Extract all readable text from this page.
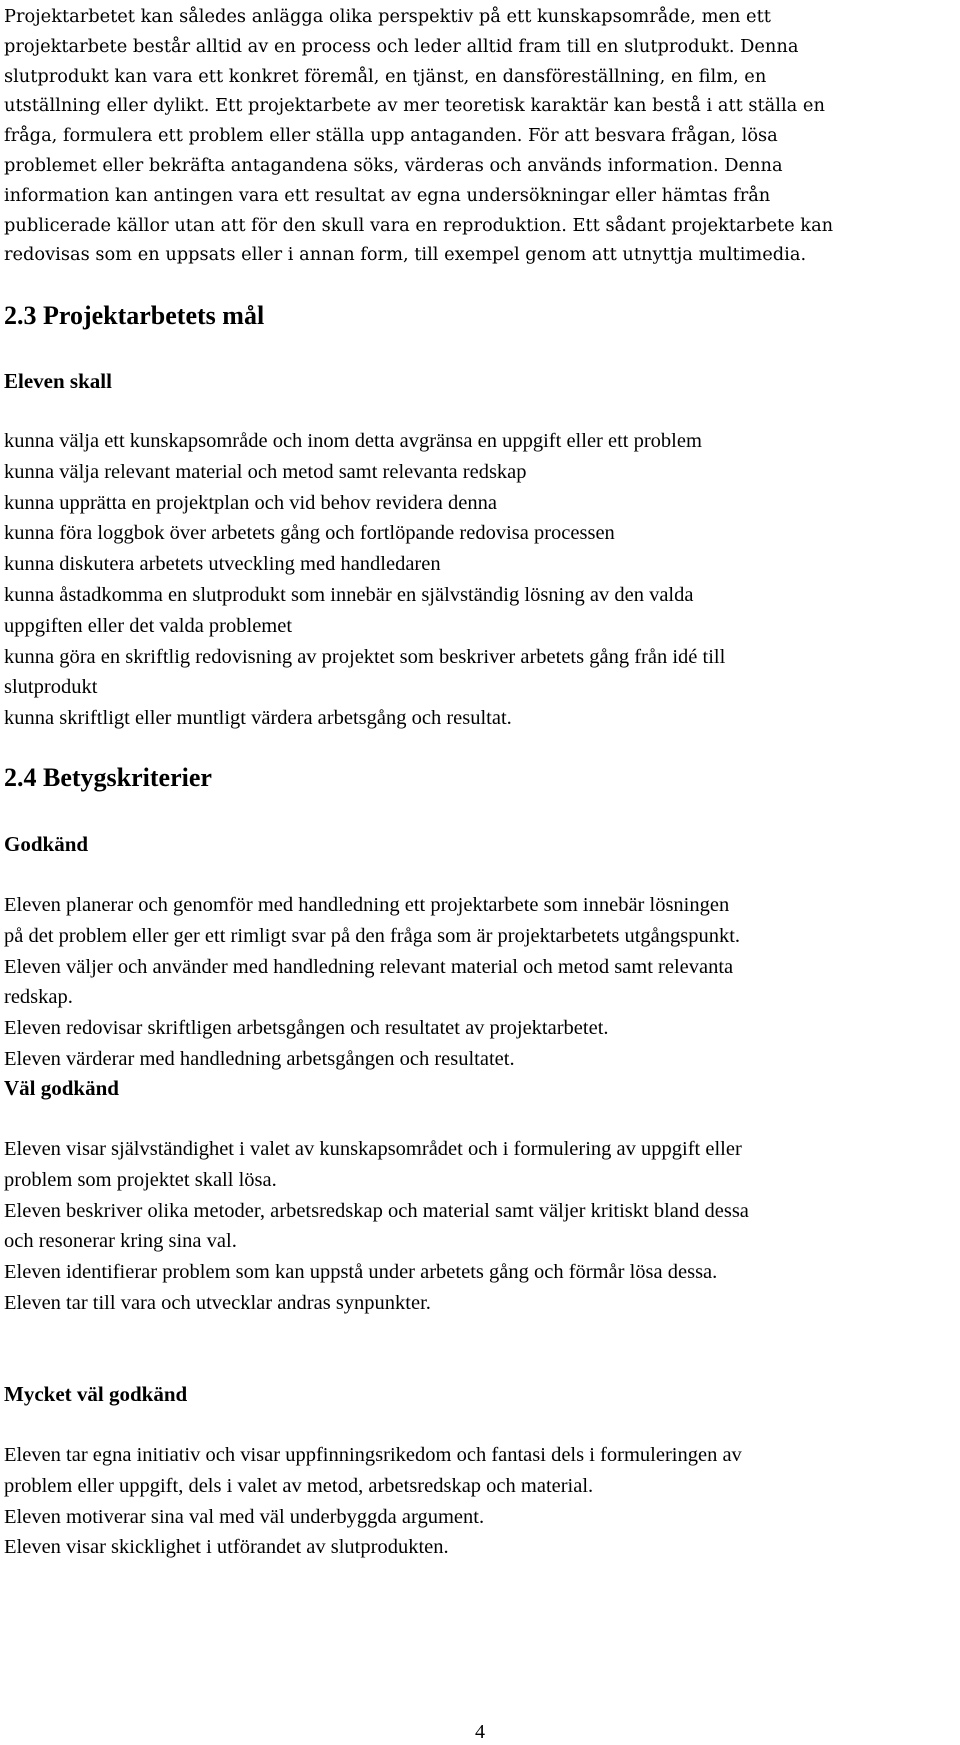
Projektarbetet kan således anlägga olika perspektiv på ett kunskapsområde, men ett
projektarbete består alltid av en process och leder alltid fram till en slutprodukt. Denna
slutprodukt kan vara ett konkret föremål, en tjänst, en dansföreställning, en film, en
utställning eller dylikt. Ett projektarbete av mer teoretisk karaktär kan bestå i att ställa en
fråga, formulera ett problem eller ställa upp antaganden. För att besvara frågan, lösa
problemet eller bekräfta antagandena söks, värderas och används information. Denna
information kan antingen vara ett resultat av egna undersökningar eller hämtas från
publicerade källor utan att för den skull vara en reproduktion. Ett sådant projektarbete kan
redovisas som en uppsats eller i annan form, till exempel genom att utnyttja multimedia.

2.3 Projektarbetets mål
Eleven skall
kunna välja ett kunskapsområde och inom detta avgränsa en uppgift eller ett problem
kunna välja relevant material och metod samt relevanta redskap
kunna upprätta en projektplan och vid behov revidera denna
kunna föra loggbok över arbetets gång och fortlöpande redovisa processen
kunna diskutera arbetets utveckling med handledaren
kunna åstadkomma en slutprodukt som innebär en självständig lösning av den valda
uppgiften eller det valda problemet
kunna göra en skriftlig redovisning av projektet som beskriver arbetets gång från idé till
slutprodukt
kunna skriftligt eller muntligt värdera arbetsgång och resultat.
2.4 Betygskriterier
Godkänd
Eleven planerar och genomför med handledning ett projektarbete som innebär lösningen
på det problem eller ger ett rimligt svar på den fråga som är projektarbetets utgångspunkt.
Eleven väljer och använder med handledning relevant material och metod samt relevanta
redskap.
Eleven redovisar skriftligen arbetsgången och resultatet av projektarbetet.
Eleven värderar med handledning arbetsgången och resultatet.
Väl godkänd
Eleven visar självständighet i valet av kunskapsområdet och i formulering av uppgift eller
problem som projektet skall lösa.
Eleven beskriver olika metoder, arbetsredskap och material samt väljer kritiskt bland dessa
och resonerar kring sina val.
Eleven identifierar problem som kan uppstå under arbetets gång och förmår lösa dessa.
Eleven tar till vara och utvecklar andras synpunkter.
Mycket väl godkänd
Eleven tar egna initiativ och visar uppfinningsrikedom och fantasi dels i formuleringen av
problem eller uppgift, dels i valet av metod, arbetsredskap och material.
Eleven motiverar sina val med väl underbyggda argument.
Eleven visar skicklighet i utförandet av slutprodukten.

4
